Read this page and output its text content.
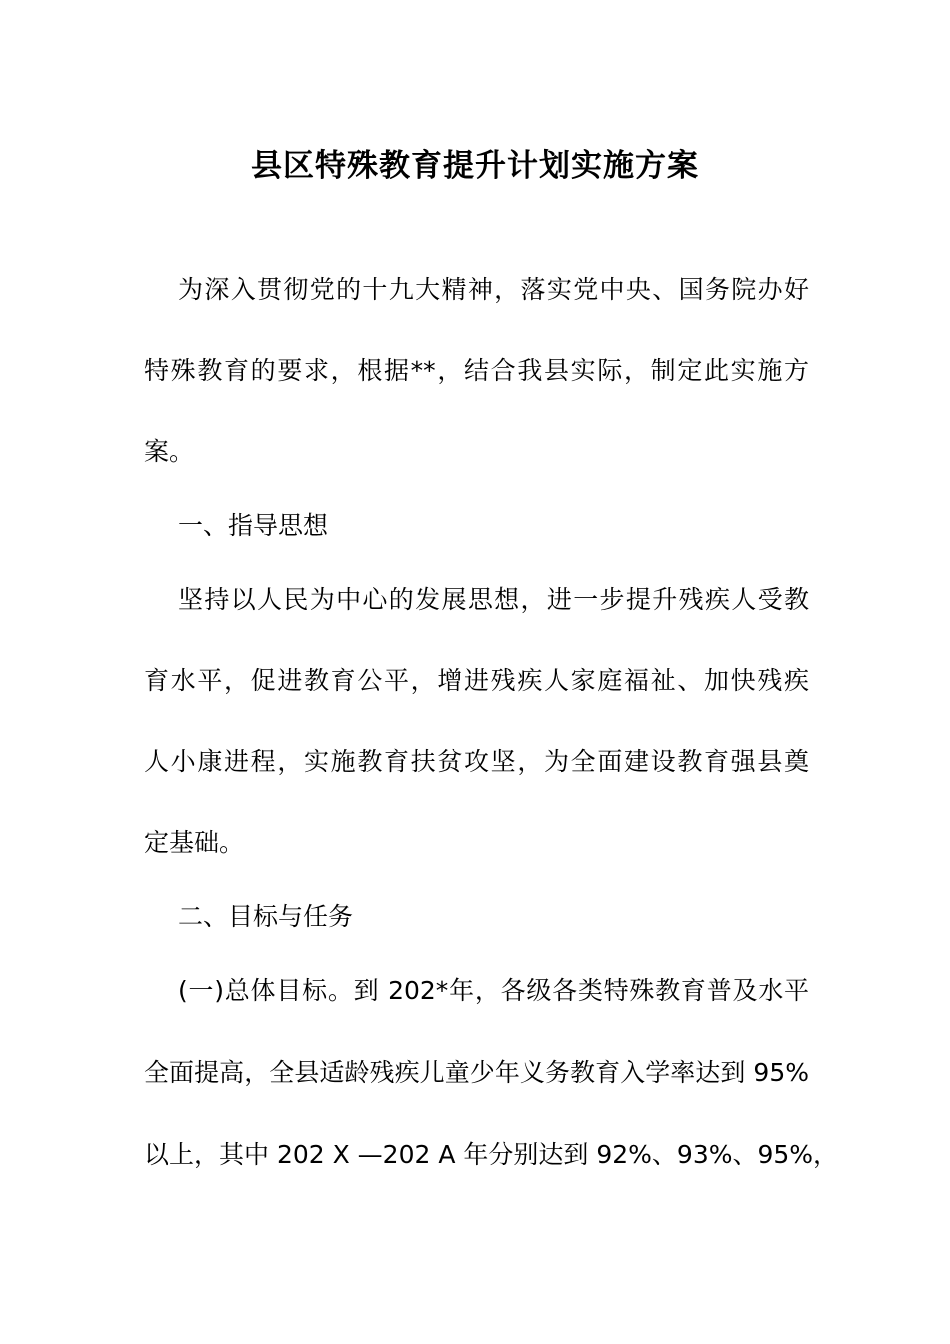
县区特殊教育提升计划实施方案
为深入贯彻党的十九大精神，落实党中央、国务院办好
特殊教育的要求，根据**，结合我县实际，制定此实施方
案。
一、指导思想
坚持以人民为中心的发展思想，进一步提升残疾人受教
育水平，促进教育公平，增进残疾人家庭福祉、加快残疾
人小康进程，实施教育扶贫攻坚，为全面建设教育强县奠
定基础。
二、目标与任务
(一)总体目标。到 202*年，各级各类特殊教育普及水平
全面提高，全县适龄残疾儿童少年义务教育入学率达到 95%
以上，其中 202 X —202 A 年分别达到 92%、93%、95%，
